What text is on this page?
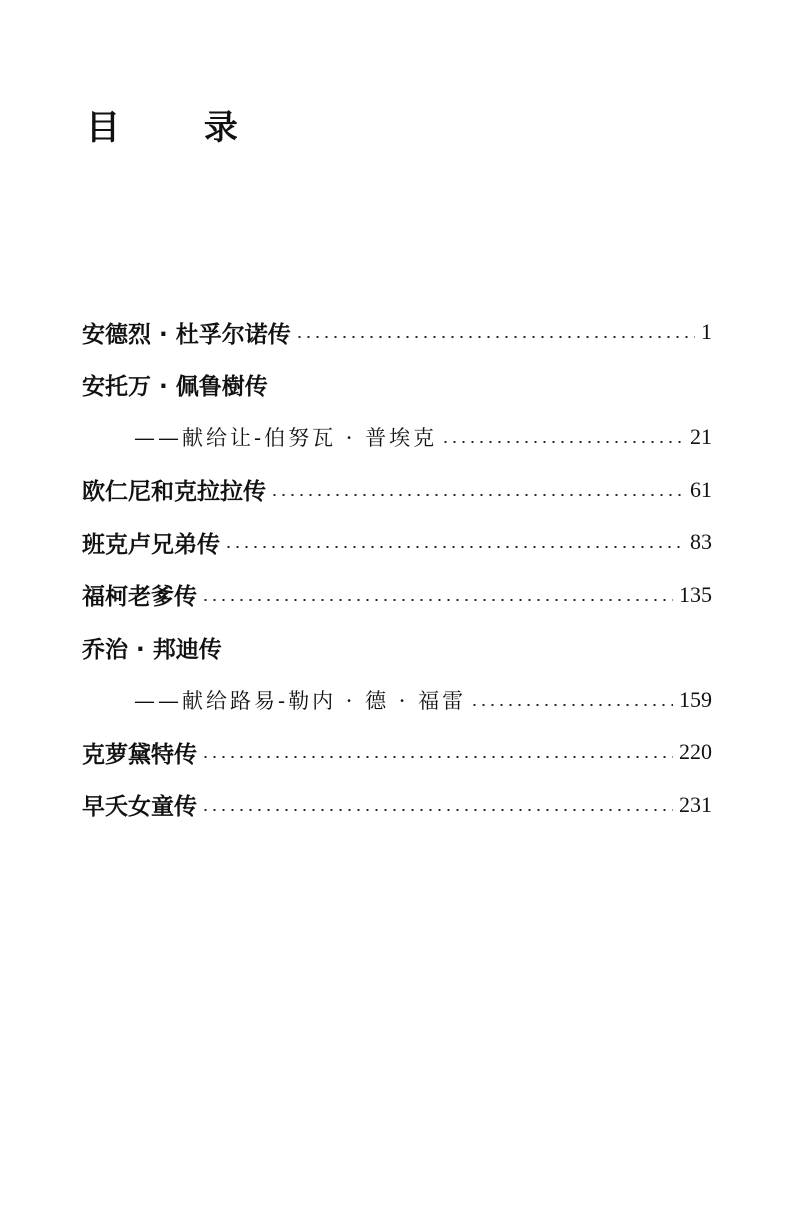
目 录
安德烈 · 杜孚尔诺传	1
安托万 · 佩鲁樹传
——献给让-伯努瓦 · 普埃克	21
欧仁尼和克拉拉传	61
班克卢兄弟传	83
福柯老爹传	135
乔治 · 邦迪传
——献给路易-勒内 · 德 · 福雷	159
克萝黛特传	220
早夭女童传	231
